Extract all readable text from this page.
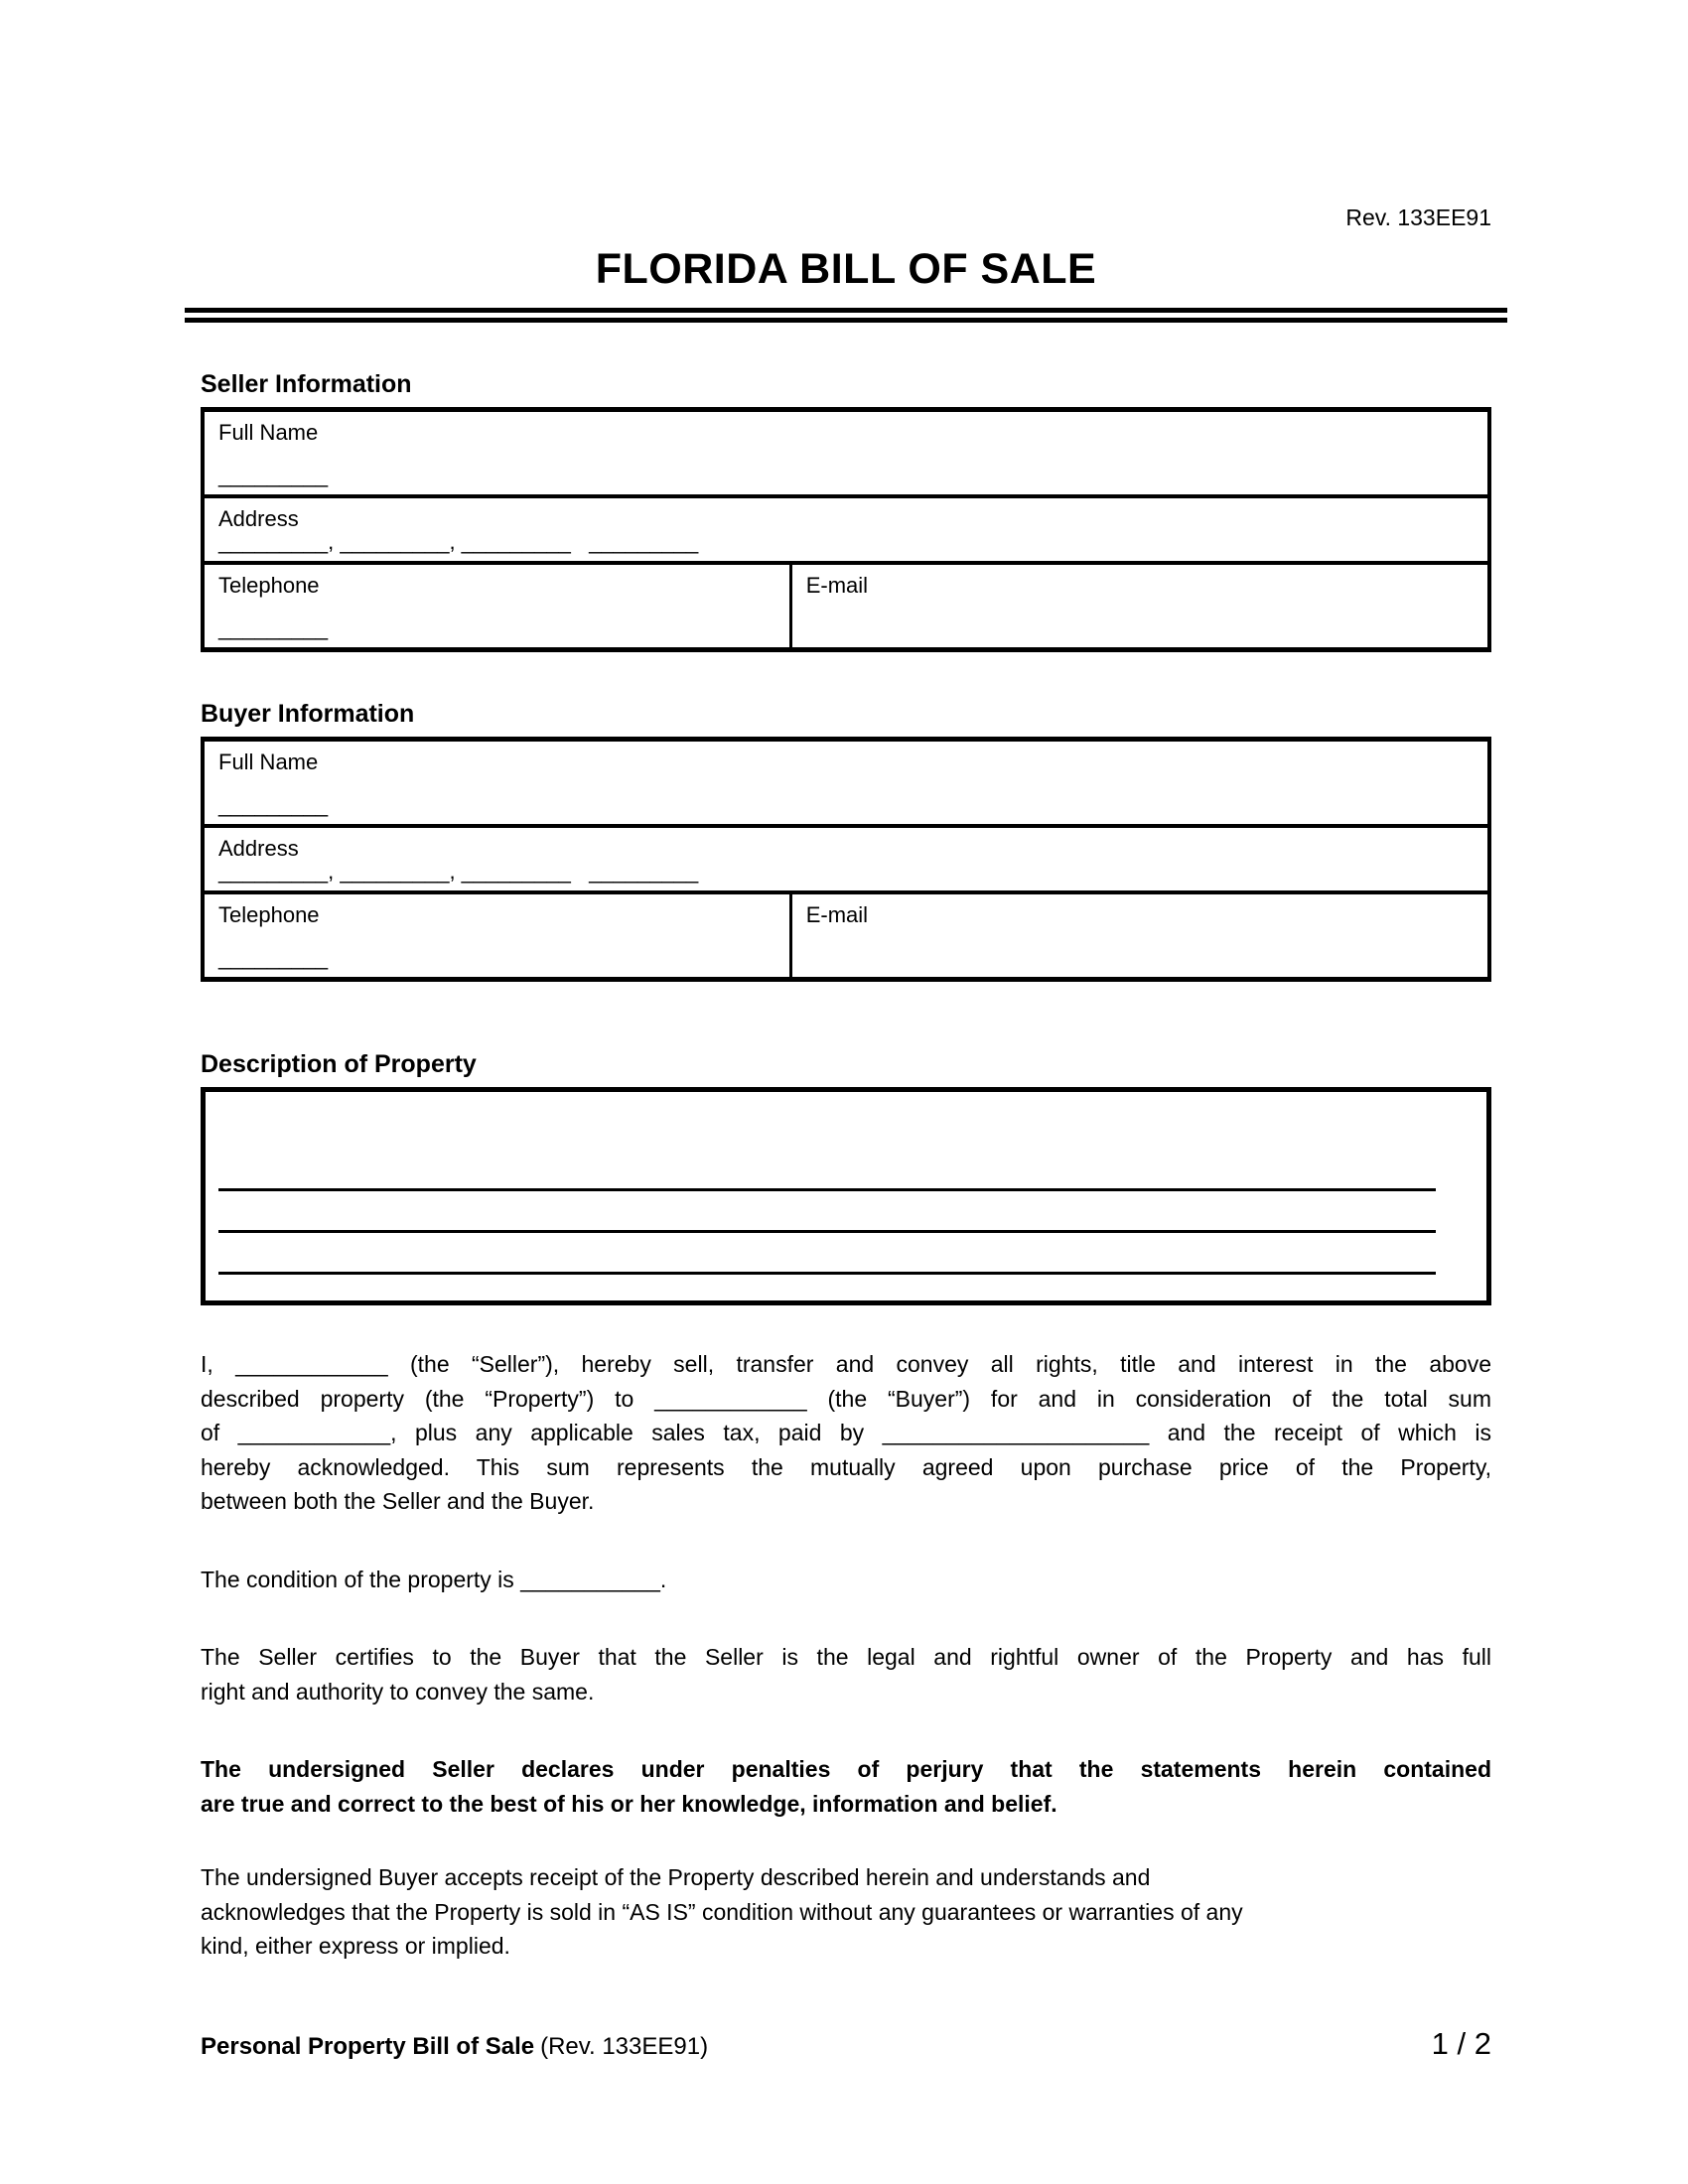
Rev. 133EE91
FLORIDA BILL OF SALE
Seller Information
Full Name
_________
Address
_________, _________, _________   _________
Telephone
_________
E-mail
Buyer Information
Full Name
_________
Address
_________, _________, _________   _________
Telephone
_________
E-mail
Description of Property
I, ____________ (the “Seller”), hereby sell, transfer and convey all rights, title and interest in the above
described property (the “Property”) to ____________ (the “Buyer”) for and in consideration of the total sum
of ____________, plus any applicable sales tax, paid by _____________________ and the receipt of which is
hereby acknowledged. This sum represents the mutually agreed upon purchase price of the Property,
between both the Seller and the Buyer.
The condition of the property is ___________.
The Seller certifies to the Buyer that the Seller is the legal and rightful owner of the Property and has full
right and authority to convey the same.
The undersigned Seller declares under penalties of perjury that the statements herein contained
are true and correct to the best of his or her knowledge, information and belief.
The undersigned Buyer accepts receipt of the Property described herein and understands and
acknowledges that the Property is sold in “AS IS” condition without any guarantees or warranties of any
kind, either express or implied.
Personal Property Bill of Sale (Rev. 133EE91)	1 / 2
